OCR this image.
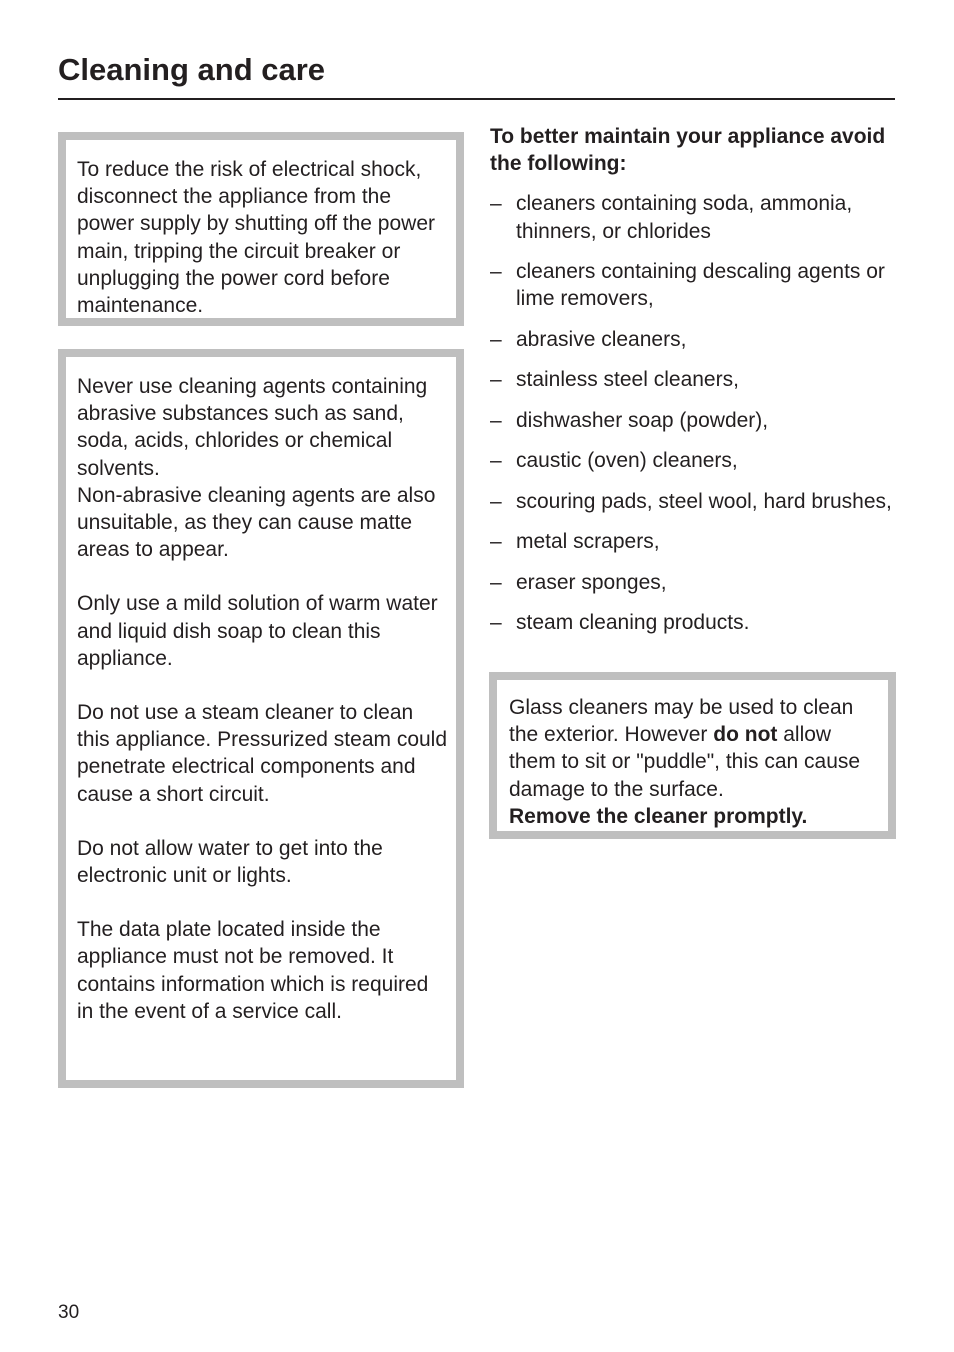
Cleaning and care

To reduce the risk of electrical shock, disconnect the appliance from the power supply by shutting off the power main, tripping the circuit breaker or unplugging the power cord before maintenance.

Never use cleaning agents containing abrasive substances such as sand, soda, acids, chlorides or chemical solvents.
Non-abrasive cleaning agents are also unsuitable, as they can cause matte areas to appear.

Only use a mild solution of warm water and liquid dish soap to clean this appliance.

Do not use a steam cleaner to clean this appliance. Pressurized steam could penetrate electrical components and cause a short circuit.

Do not allow water to get into the electronic unit or lights.

The data plate located inside the appliance must not be removed. It contains information which is required in the event of a service call.

To better maintain your appliance avoid the following:

– cleaners containing soda, ammonia, thinners, or chlorides
– cleaners containing descaling agents or lime removers,
– abrasive cleaners,
– stainless steel cleaners,
– dishwasher soap (powder),
– caustic (oven) cleaners,
– scouring pads, steel wool, hard brushes,
– metal scrapers,
– eraser sponges,
– steam cleaning products.

Glass cleaners may be used to clean the exterior. However do not allow them to sit or "puddle", this can cause damage to the surface.
Remove the cleaner promptly.

30
